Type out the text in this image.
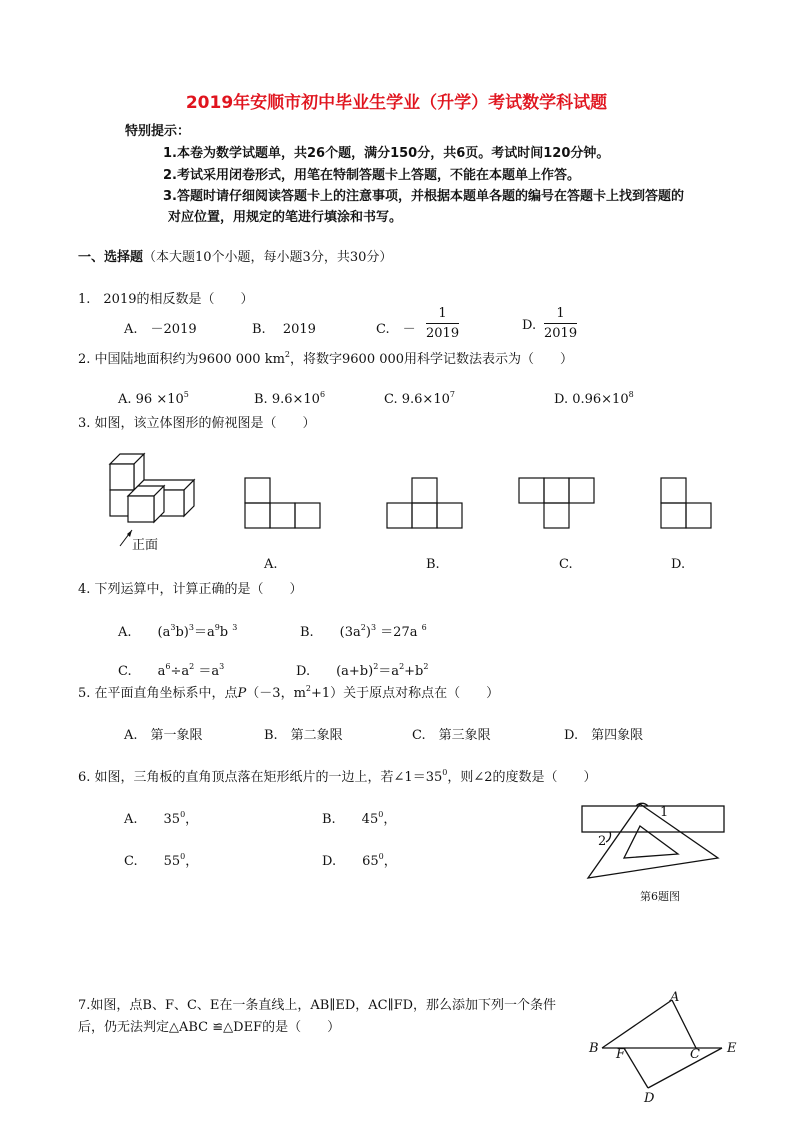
2019年安顺市初中毕业生学业（升学）考试数学科试题
特别提示：
1.本卷为数学试题单，共26个题，满分150分，共6页。考试时间120分钟。
2.考试采用闭卷形式，用笔在特制答题卡上答题，不能在本题单上作答。
3.答题时请仔细阅读答题卡上的注意事项，并根据本题单各题的编号在答题卡上找到答题的
对应位置，用规定的笔进行填涂和书写。
一、选择题（本大题10个小题，每小题3分，共30分）
1.　2019的相反数是（　　）
A.　－2019	B.　 2019	C.　－ $\frac{1}{2019}$	D. $\frac{1}{2019}$
2. 中国陆地面积约为9600 000 $km^2$，将数字9600 000用科学记数法表示为（　　）
A. $96 \times 10^5$	B. $9.6\times 10^6$	C. $9.6\times 10^7$	D. $0.96\times 10^8$
3. 如图，该立体图形的俯视图是（　　）
正面
A.	B.	C.	D.
4. 下列运算中，计算正确的是（　　）
A.　　$(a^3b)^3=a^9b$ $^3$	B.　　$(3a^2)^3 =27a$ $^6$
C.　　$a^6\div a^2 =a^3$	D.　　$(a+b)^2=a^2+b^2$
5. 在平面直角坐标系中，点P（－3，$m^2+1$）关于原点对称点在（　　）
A.　第一象限	B.　第二象限	C.　第三象限	D.　第四象限
6. 如图，三角板的直角顶点落在矩形纸片的一边上，若$\angle 1=35^0$，则∠2的度数是（　　）
A.　　$35^0$，	B.　　$45^0$，
C.　　$55^0$，	D.　　$65^0$，
1
2
第6题图
7.如图，点B、F、C、E在一条直线上，AB∥ED，AC∥FD，那么添加下列一个条件
后，仍无法判定△ABC ≌△DEF的是（　　）
A
B F	C E
D
